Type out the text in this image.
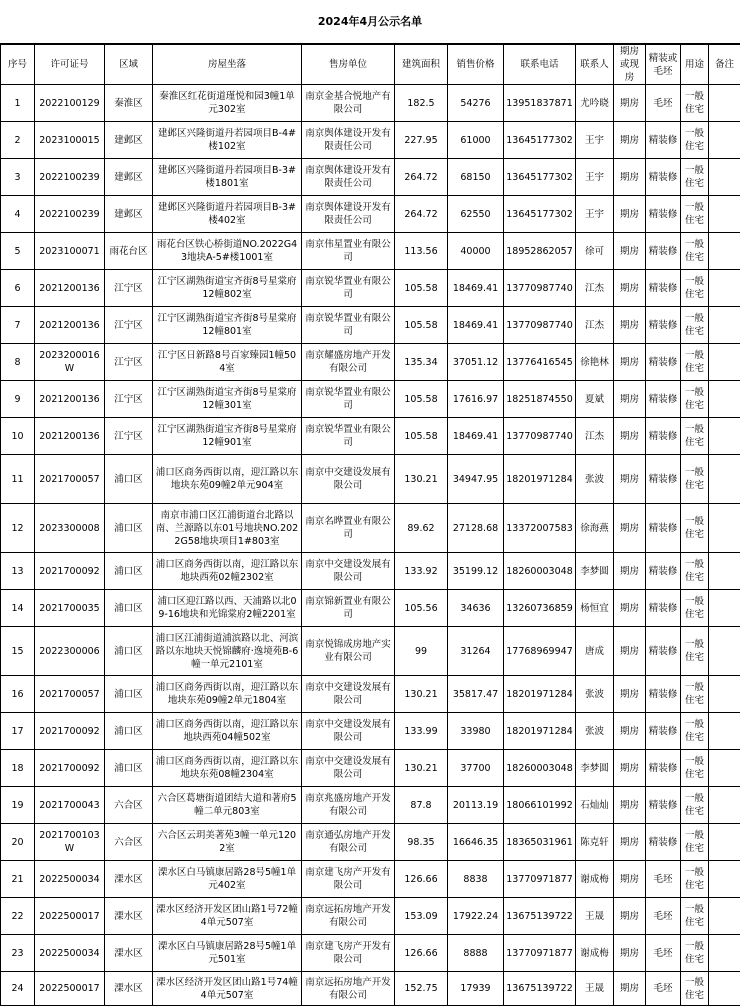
2024年4月公示名单
序号	许可证号	区域	房屋坐落	售房单位	建筑面积	销售价格	联系电话	联系人	期房或现房	精装或毛坯	用途	备注
1	2022100129	秦淮区	秦淮区红花街道瑾悦和园3幢1单元302室	南京金基合悦地产有限公司	182.5	54276	13951837871	尤吟晓	期房	毛坯	一般住宅	
2	2023100015	建邺区	建邺区兴隆街道丹若园项目B-4#楼102室	南京舆体建设开发有限责任公司	227.95	61000	13645177302	王宇	期房	精装修	一般住宅	
3	2022100239	建邺区	建邺区兴隆街道丹若园项目B-3#楼1801室	南京舆体建设开发有限责任公司	264.72	68150	13645177302	王宇	期房	精装修	一般住宅	
4	2022100239	建邺区	建邺区兴隆街道丹若园项目B-3#楼402室	南京舆体建设开发有限责任公司	264.72	62550	13645177302	王宇	期房	精装修	一般住宅	
5	2023100071	雨花台区	雨花台区铁心桥街道NO.2022G43地块A-5#楼1001室	南京伟星置业有限公司	113.56	40000	18952862057	徐可	期房	精装修	一般住宅	
6	2021200136	江宁区	江宁区湖熟街道宝齐街8号星棠府12幢802室	南京锐华置业有限公司	105.58	18469.41	13770987740	江杰	期房	精装修	一般住宅	
7	2021200136	江宁区	江宁区湖熟街道宝齐街8号星棠府12幢801室	南京锐华置业有限公司	105.58	18469.41	13770987740	江杰	期房	精装修	一般住宅	
8	2023200016W	江宁区	江宁区日新路8号百家臻园1幢504室	南京耀盛房地产开发有限公司	135.34	37051.12	13776416545	徐艳林	期房	精装修	一般住宅	
9	2021200136	江宁区	江宁区湖熟街道宝齐街8号星棠府12幢301室	南京锐华置业有限公司	105.58	17616.97	18251874550	夏斌	期房	精装修	一般住宅	
10	2021200136	江宁区	江宁区湖熟街道宝齐街8号星棠府12幢901室	南京锐华置业有限公司	105.58	18469.41	13770987740	江杰	期房	精装修	一般住宅	
11	2021700057	浦口区	浦口区商务西街以南，迎江路以东地块东苑09幢2单元904室	南京中交建设发展有限公司	130.21	34947.95	18201971284	张波	期房	精装修	一般住宅	
12	2023300008	浦口区	南京市浦口区江浦街道台北路以南、兰源路以东01号地块NO.2022G58地块项目1#803室	南京名晔置业有限公司	89.62	27128.68	13372007583	徐海燕	期房	精装修	一般住宅	
13	2021700092	浦口区	浦口区商务西街以南，迎江路以东地块西苑02幢2302室	南京中交建设发展有限公司	133.92	35199.12	18260003048	李梦圆	期房	精装修	一般住宅	
14	2021700035	浦口区	浦口区迎江路以西、天浦路以北09-16地块和光锦棠府2幢2201室	南京锦新置业有限公司	105.56	34636	13260736859	杨恒宜	期房	精装修	一般住宅	
15	2022300006	浦口区	浦口区江浦街道浦滨路以北、河滨路以东地块天悦锦麟府·逸境苑B-6幢一单元2101室	南京悦锦成房地产实业有限公司	99	31264	17768969947	唐成	期房	精装修	一般住宅	
16	2021700057	浦口区	浦口区商务西街以南，迎江路以东地块东苑09幢2单元1804室	南京中交建设发展有限公司	130.21	35817.47	18201971284	张波	期房	精装修	一般住宅	
17	2021700092	浦口区	浦口区商务西街以南，迎江路以东地块西苑04幢502室	南京中交建设发展有限公司	133.99	33980	18201971284	张波	期房	精装修	一般住宅	
18	2021700092	浦口区	浦口区商务西街以南，迎江路以东地块东苑08幢2304室	南京中交建设发展有限公司	130.21	37700	18260003048	李梦圆	期房	精装修	一般住宅	
19	2021700043	六合区	六合区葛塘街道团结大道和著府5幢二单元803室	南京兆盛房地产开发有限公司	87.8	20113.19	18066101992	石灿灿	期房	精装修	一般住宅	
20	2021700103W	六合区	六合区云玥美著苑3幢一单元1202室	南京通弘房地产开发有限公司	98.35	16646.35	18365031961	陈克轩	期房	精装修	一般住宅	
21	2022500034	溧水区	溧水区白马镇康居路28号5幢1单元402室	南京建飞房产开发有限公司	126.66	8838	13770971877	谢成梅	期房	毛坯	一般住宅	
22	2022500017	溧水区	溧水区经济开发区团山路1号72幢4单元507室	南京远拓房地产开发有限公司	153.09	17922.24	13675139722	王晟	期房	毛坯	一般住宅	
23	2022500034	溧水区	溧水区白马镇康居路28号5幢1单元501室	南京建飞房产开发有限公司	126.66	8888	13770971877	谢成梅	期房	毛坯	一般住宅	
24	2022500017	溧水区	溧水区经济开发区团山路1号74幢4单元507室	南京远拓房地产开发有限公司	152.75	17939	13675139722	王晟	期房	毛坯	一般住宅	
